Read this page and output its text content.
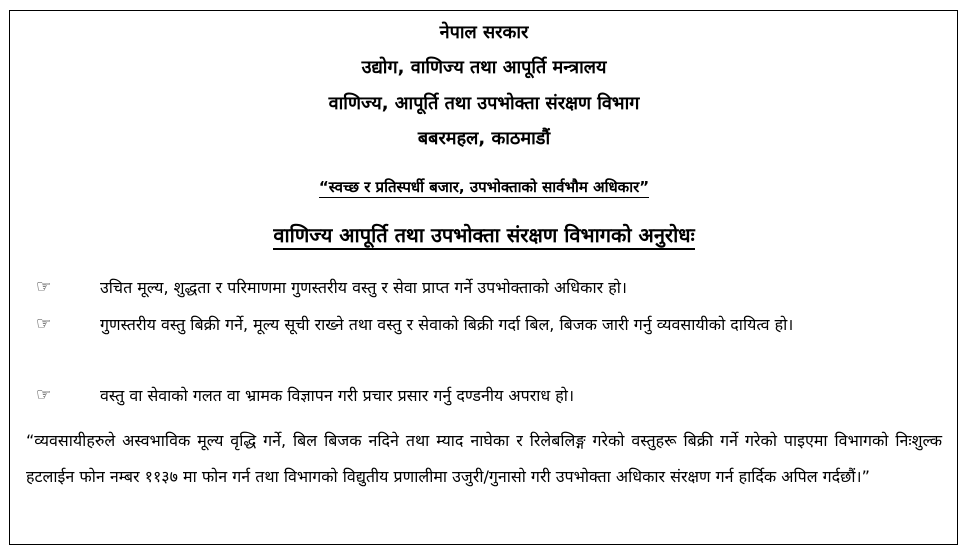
नेपाल सरकार
उद्योग, वाणिज्य तथा आपूर्ति मन्त्रालय
वाणिज्य, आपूर्ति तथा उपभोक्ता संरक्षण विभाग
बबरमहल, काठमाडौं
“स्वच्छ र प्रतिस्पर्धी बजार, उपभोक्ताको सार्वभौम अधिकार”
वाणिज्य आपूर्ति तथा उपभोक्ता संरक्षण विभागको अनुरोधः
☞	उचित मूल्य, शुद्धता र परिमाणमा गुणस्तरीय वस्तु र सेवा प्राप्त गर्ने उपभोक्ताको अधिकार हो।
☞	गुणस्तरीय वस्तु बिक्री गर्ने, मूल्य सूची राख्ने तथा वस्तु र सेवाको बिक्री गर्दा बिल, बिजक जारी गर्नु व्यवसायीको दायित्व हो।
☞	वस्तु वा सेवाको गलत वा भ्रामक विज्ञापन गरी प्रचार प्रसार गर्नु दण्डनीय अपराध हो।
“व्यवसायीहरुले अस्वभाविक मूल्य वृद्धि गर्ने, बिल बिजक नदिने तथा म्याद नाघेका र रिलेबलिङ्ग गरेको वस्तुहरू बिक्री गर्ने गरेको पाइएमा विभागको निःशुल्क हटलाईन फोन नम्बर ११३७ मा फोन गर्न तथा विभागको विद्युतीय प्रणालीमा उजुरी/गुनासो गरी उपभोक्ता अधिकार संरक्षण गर्न हार्दिक अपिल गर्दछौं।”
